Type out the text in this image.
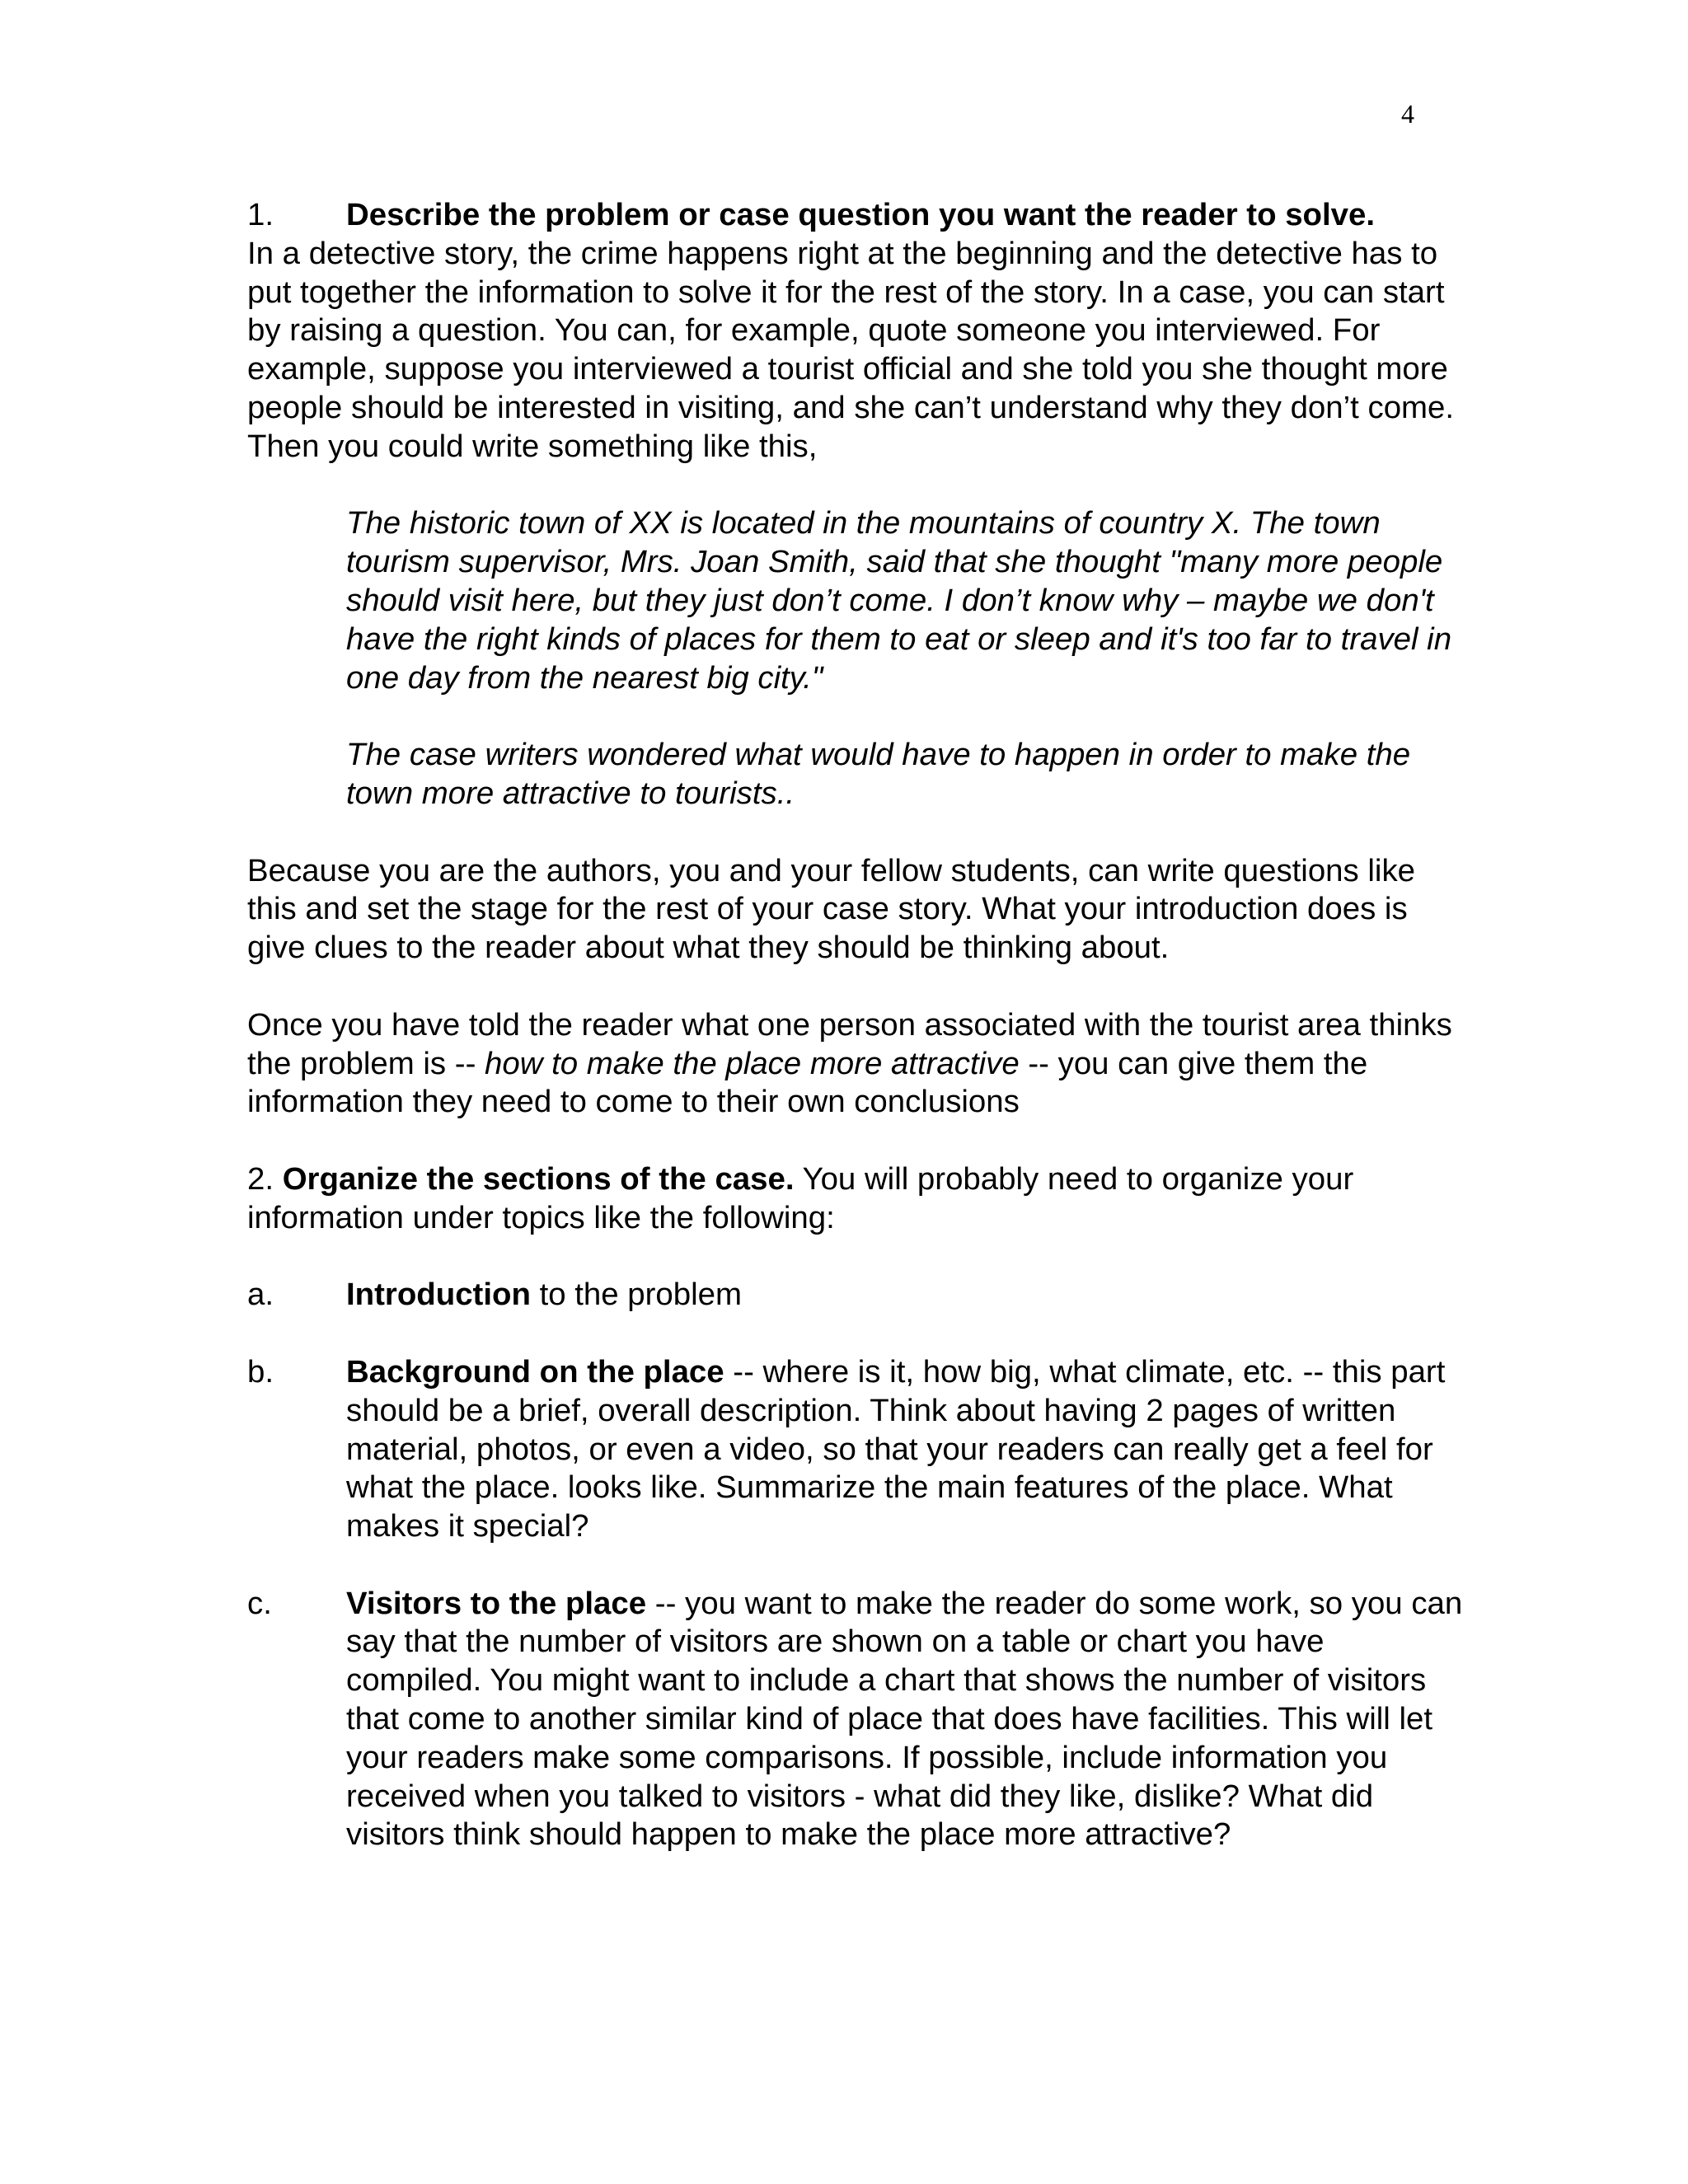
4
1.	Describe the problem or case question you want the reader to solve.

In a detective story, the crime happens right at the beginning and the detective has to put together the information to solve it for the rest of the story. In a case, you can start by raising a question. You can, for example, quote someone you interviewed. For example, suppose you interviewed a tourist official and she told you she thought more people should be interested in visiting, and she can’t understand why they don’t come. Then you could write something like this,

The historic town of XX is located in the mountains of country X. The town tourism supervisor, Mrs. Joan Smith, said that she thought "many more people should visit here, but they just don’t come. I don’t know why – maybe we don't have the right kinds of places for them to eat or sleep and it's too far to travel in one day from the nearest big city."

The case writers wondered what would have to happen in order to make the town more attractive to tourists..

Because you are the authors, you and your fellow students, can write questions like this and set the stage for the rest of your case story. What your introduction does is give clues to the reader about what they should be thinking about.

Once you have told the reader what one person associated with the tourist area thinks the problem is -- how to make the place more attractive -- you can give them the information they need to come to their own conclusions

2. Organize the sections of the case. You will probably need to organize your information under topics like the following:

a.	Introduction to the problem
b.	Background on the place -- where is it, how big, what climate, etc. -- this part should be a brief, overall description. Think about having 2 pages of written material, photos, or even a video, so that your readers can really get a feel for what the place. looks like. Summarize the main features of the place. What makes it special?
c.	Visitors to the place -- you want to make the reader do some work, so you can say that the number of visitors are shown on a table or chart you have compiled. You might want to include a chart that shows the number of visitors that come to another similar kind of place that does have facilities. This will let your readers make some comparisons. If possible, include information you received when you talked to visitors - what did they like, dislike? What did visitors think should happen to make the place more attractive?
